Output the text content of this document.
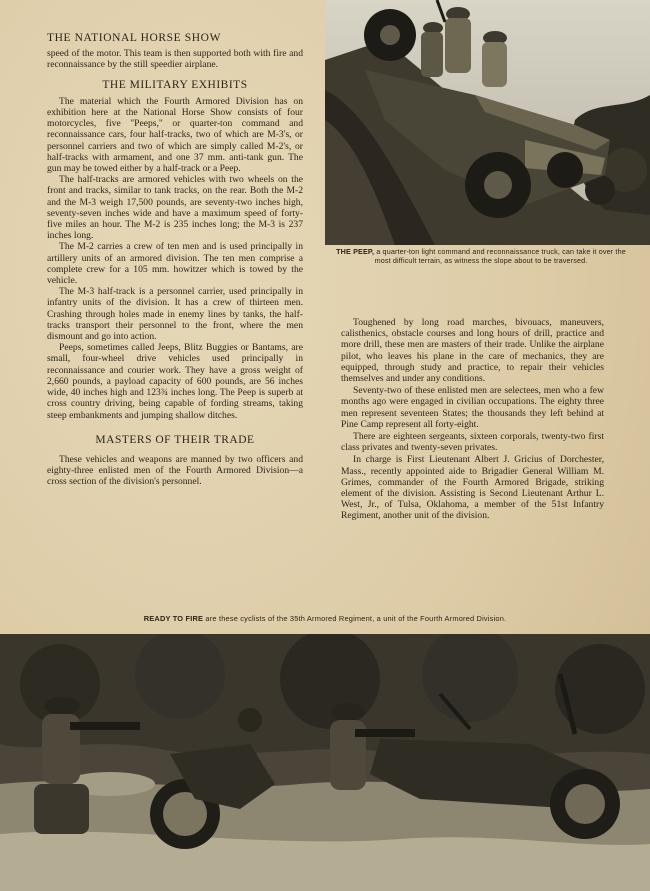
THE PEEP, a quarter-ton light command and reconnaissance truck, can take it over the most difficult terrain, as witness the slope about to be traversed.
THE NATIONAL HORSE SHOW

speed of the motor. This team is then supported both with fire and reconnaissance by the still speedier airplane.

THE MILITARY EXHIBITS

The material which the Fourth Armored Division has on exhibition here at the National Horse Show consists of four motorcycles, five "Peeps," or quarter-ton command and reconnaissance cars, four half-tracks, two of which are M-3's, or personnel carriers and two of which are simply called M-2's, or half-tracks with armament, and one 37 mm. anti-tank gun. The gun may be towed either by a half-track or a Peep.

The half-tracks are armored vehicles with two wheels on the front and tracks, similar to tank tracks, on the rear. Both the M-2 and the M-3 weigh 17,500 pounds, are seventy-two inches high, seventy-seven inches wide and have a maximum speed of forty-five miles an hour. The M-2 is 235 inches long; the M-3 is 237 inches long.

The M-2 carries a crew of ten men and is used principally in artillery units of an armored division. The ten men comprise a complete crew for a 105 mm. howitzer which is towed by the vehicle.

The M-3 half-track is a personnel carrier, used principally in infantry units of the division. It has a crew of thirteen men. Crashing through holes made in enemy lines by tanks, the half-tracks transport their personnel to the front, where the men dismount and go into action.

Peeps, sometimes called Jeeps, Blitz Buggies or Bantams, are small, four-wheel drive vehicles used principally in reconnaissance and courier work. They have a gross weight of 2,660 pounds, a payload capacity of 600 pounds, are 56 inches wide, 40 inches high and 123¾ inches long. The Peep is superb at cross country driving, being capable of fording streams, taking steep embankments and jumping shallow ditches.

MASTERS OF THEIR TRADE

These vehicles and weapons are manned by two officers and eighty-three enlisted men of the Fourth Armored Division—a cross section of the division's personnel.

Toughened by long road marches, bivouacs, maneuvers, calisthenics, obstacle courses and long hours of drill, practice and more drill, these men are masters of their trade. Unlike the airplane pilot, who leaves his plane in the care of mechanics, they are equipped, through study and practice, to repair their vehicles themselves and under any conditions.

Seventy-two of these enlisted men are selectees, men who a few months ago were engaged in civilian occupations. The eighty three men represent seventeen States; the thousands they left behind at Pine Camp represent all forty-eight.

There are eighteen sergeants, sixteen corporals, twenty-two first class privates and twenty-seven privates.

In charge is First Lieutenant Albert J. Gricius of Dorchester, Mass., recently appointed aide to Brigadier General William M. Grimes, commander of the Fourth Armored Brigade, striking element of the division. Assisting is Second Lieutenant Arthur L. West, Jr., of Tulsa, Oklahoma, a member of the 51st Infantry Regiment, another unit of the division.

READY TO FIRE are these cyclists of the 35th Armored Regiment, a unit of the Fourth Armored Division.
